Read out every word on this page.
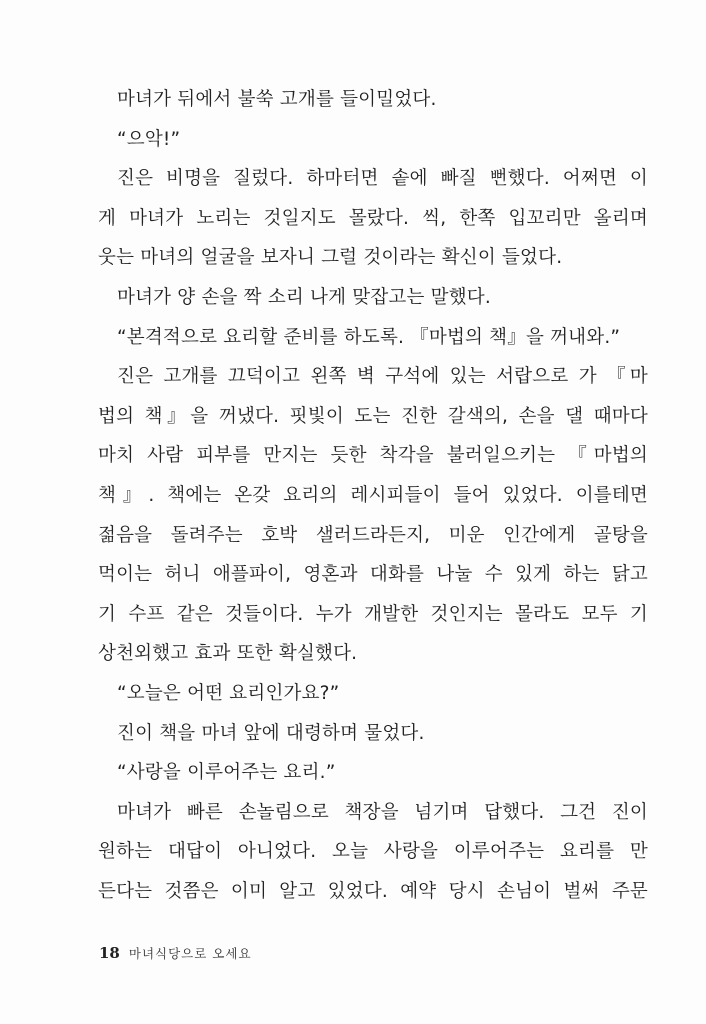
마녀가 뒤에서 불쑥 고개를 들이밀었다.
“으악!”
진은 비명을 질렀다. 하마터면 솥에 빠질 뻔했다. 어쩌면 이
게 마녀가 노리는 것일지도 몰랐다. 씩, 한쪽 입꼬리만 올리며
웃는 마녀의 얼굴을 보자니 그럴 것이라는 확신이 들었다.
마녀가 양 손을 짝 소리 나게 맞잡고는 말했다.
“본격적으로 요리할 준비를 하도록. 『마법의 책』을 꺼내와.”
진은 고개를 끄덕이고 왼쪽 벽 구석에 있는 서랍으로 가 『마
법의 책』을 꺼냈다. 핏빛이 도는 진한 갈색의, 손을 댈 때마다
마치 사람 피부를 만지는 듯한 착각을 불러일으키는 『마법의
책』. 책에는 온갖 요리의 레시피들이 들어 있었다. 이를테면
젊음을 돌려주는 호박 샐러드라든지, 미운 인간에게 골탕을
먹이는 허니 애플파이, 영혼과 대화를 나눌 수 있게 하는 닭고
기 수프 같은 것들이다. 누가 개발한 것인지는 몰라도 모두 기
상천외했고 효과 또한 확실했다.
“오늘은 어떤 요리인가요?”
진이 책을 마녀 앞에 대령하며 물었다.
“사랑을 이루어주는 요리.”
마녀가 빠른 손놀림으로 책장을 넘기며 답했다. 그건 진이
원하는 대답이 아니었다. 오늘 사랑을 이루어주는 요리를 만
든다는 것쯤은 이미 알고 있었다. 예약 당시 손님이 벌써 주문
18 마녀식당으로 오세요
